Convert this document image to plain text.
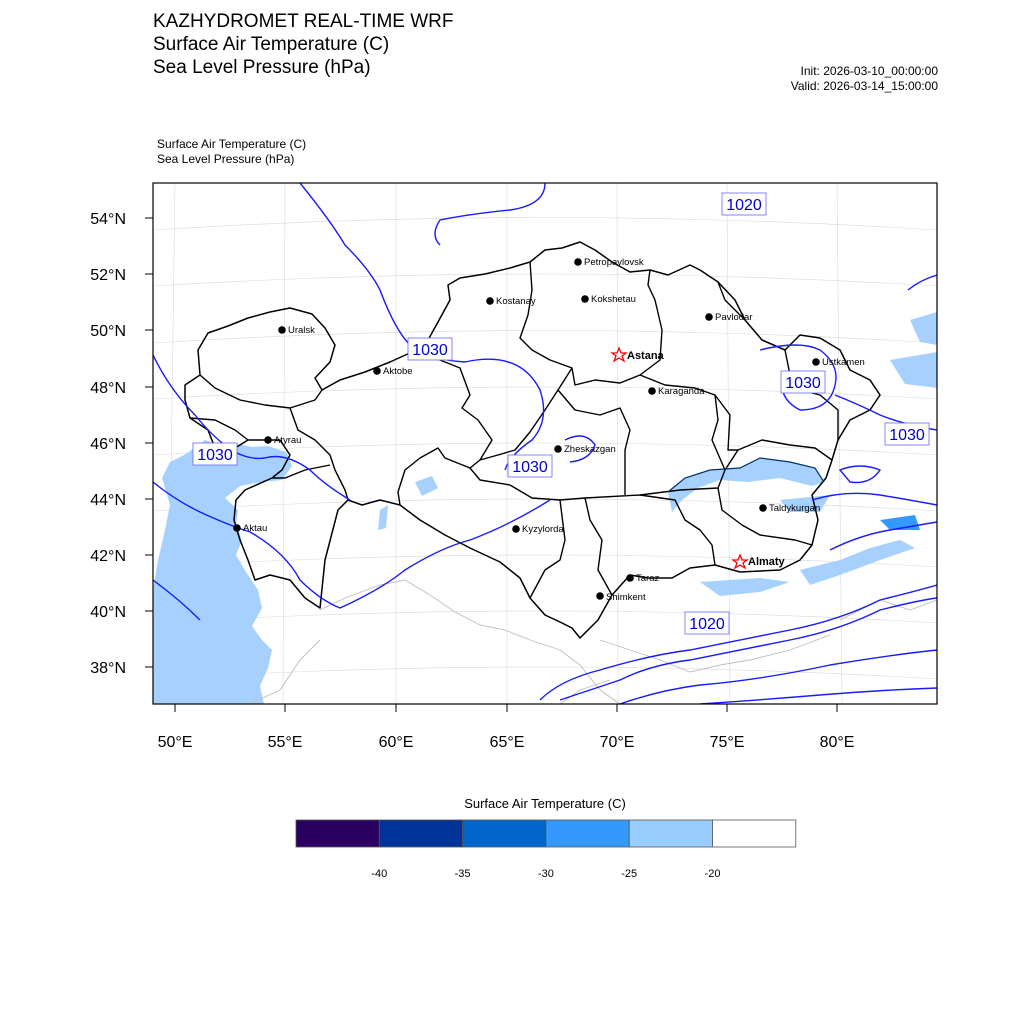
KAZHYDROMET REAL-TIME WRF
Surface Air Temperature (C)
Sea Level Pressure (hPa)	Init: 2026-03-10_00:00:00
Valid: 2026-03-14_15:00:00
Surface Air Temperature (C)
Sea Level Pressure (hPa)
1020
1030
1030
1030
1030
1030
1020
Petropavlovsk
Kostanay	Kokshetau
Pavlodar
Uralsk
Astana
Aktobe
Ustkamen
Karaganda
Atyrau
Zheskazgan
Taldykurgan
Aktau	Kyzylorda
Almaty
Taraz
Shimkent
54°N
52°N
50°N
48°N
46°N
44°N
42°N
40°N
38°N
50°E	55°E	60°E	65°E	70°E	75°E	80°E
-40	-35	-30	-25	-20
Surface Air Temperature (C)
